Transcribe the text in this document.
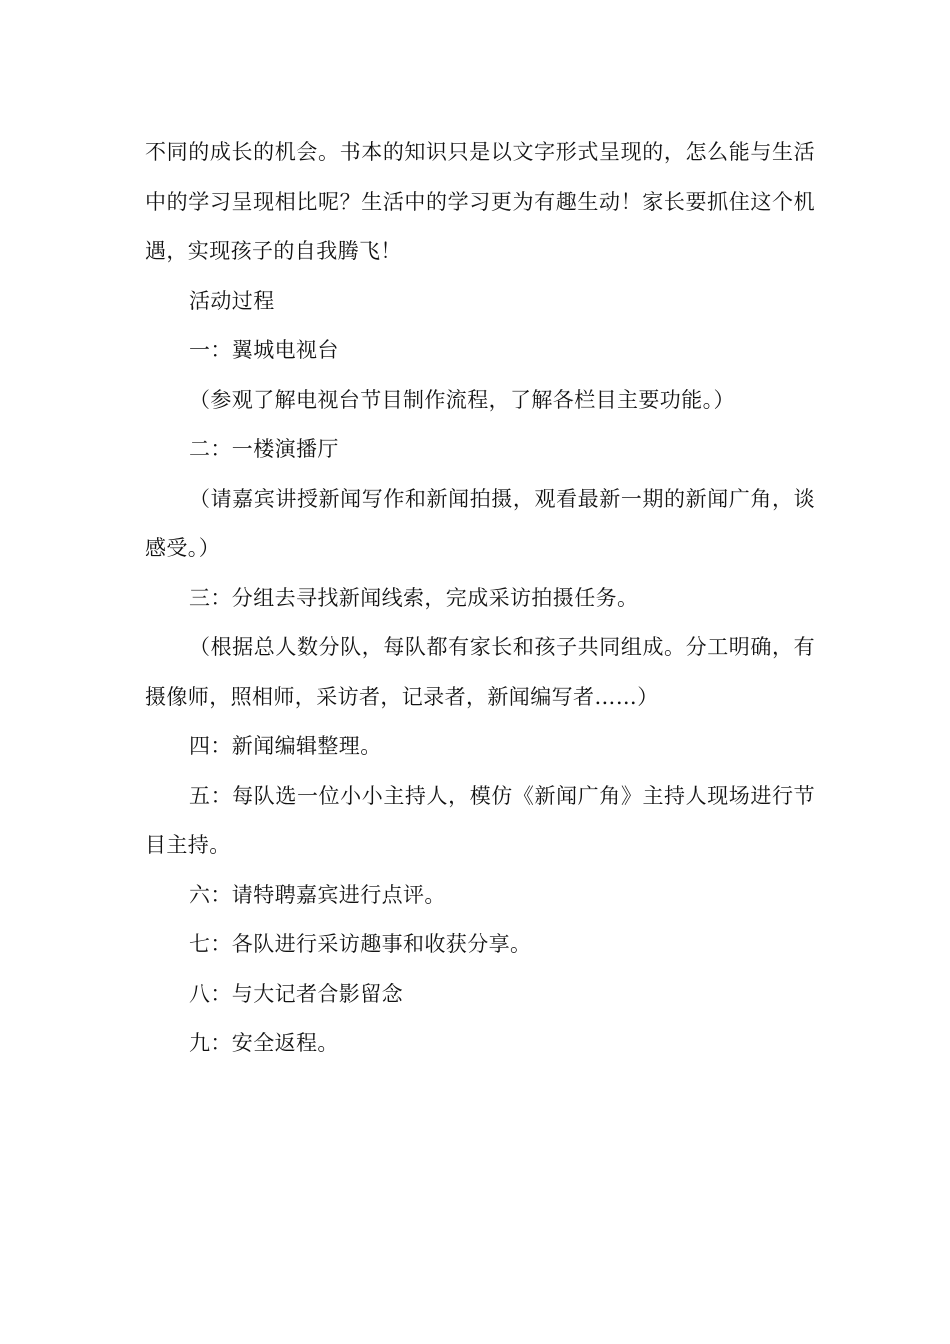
不同的成长的机会。书本的知识只是以文字形式呈现的，怎么能与生活中的学习呈现相比呢？生活中的学习更为有趣生动！家长要抓住这个机遇，实现孩子的自我腾飞！

活动过程

一：翼城电视台

（参观了解电视台节目制作流程，了解各栏目主要功能。）

二：一楼演播厅

（请嘉宾讲授新闻写作和新闻拍摄，观看最新一期的新闻广角，谈感受。）

三：分组去寻找新闻线索，完成采访拍摄任务。

（根据总人数分队，每队都有家长和孩子共同组成。分工明确，有摄像师，照相师，采访者，记录者，新闻编写者……）

四：新闻编辑整理。

五：每队选一位小小主持人，模仿《新闻广角》主持人现场进行节目主持。

六：请特聘嘉宾进行点评。

七：各队进行采访趣事和收获分享。

八：与大记者合影留念

九：安全返程。
